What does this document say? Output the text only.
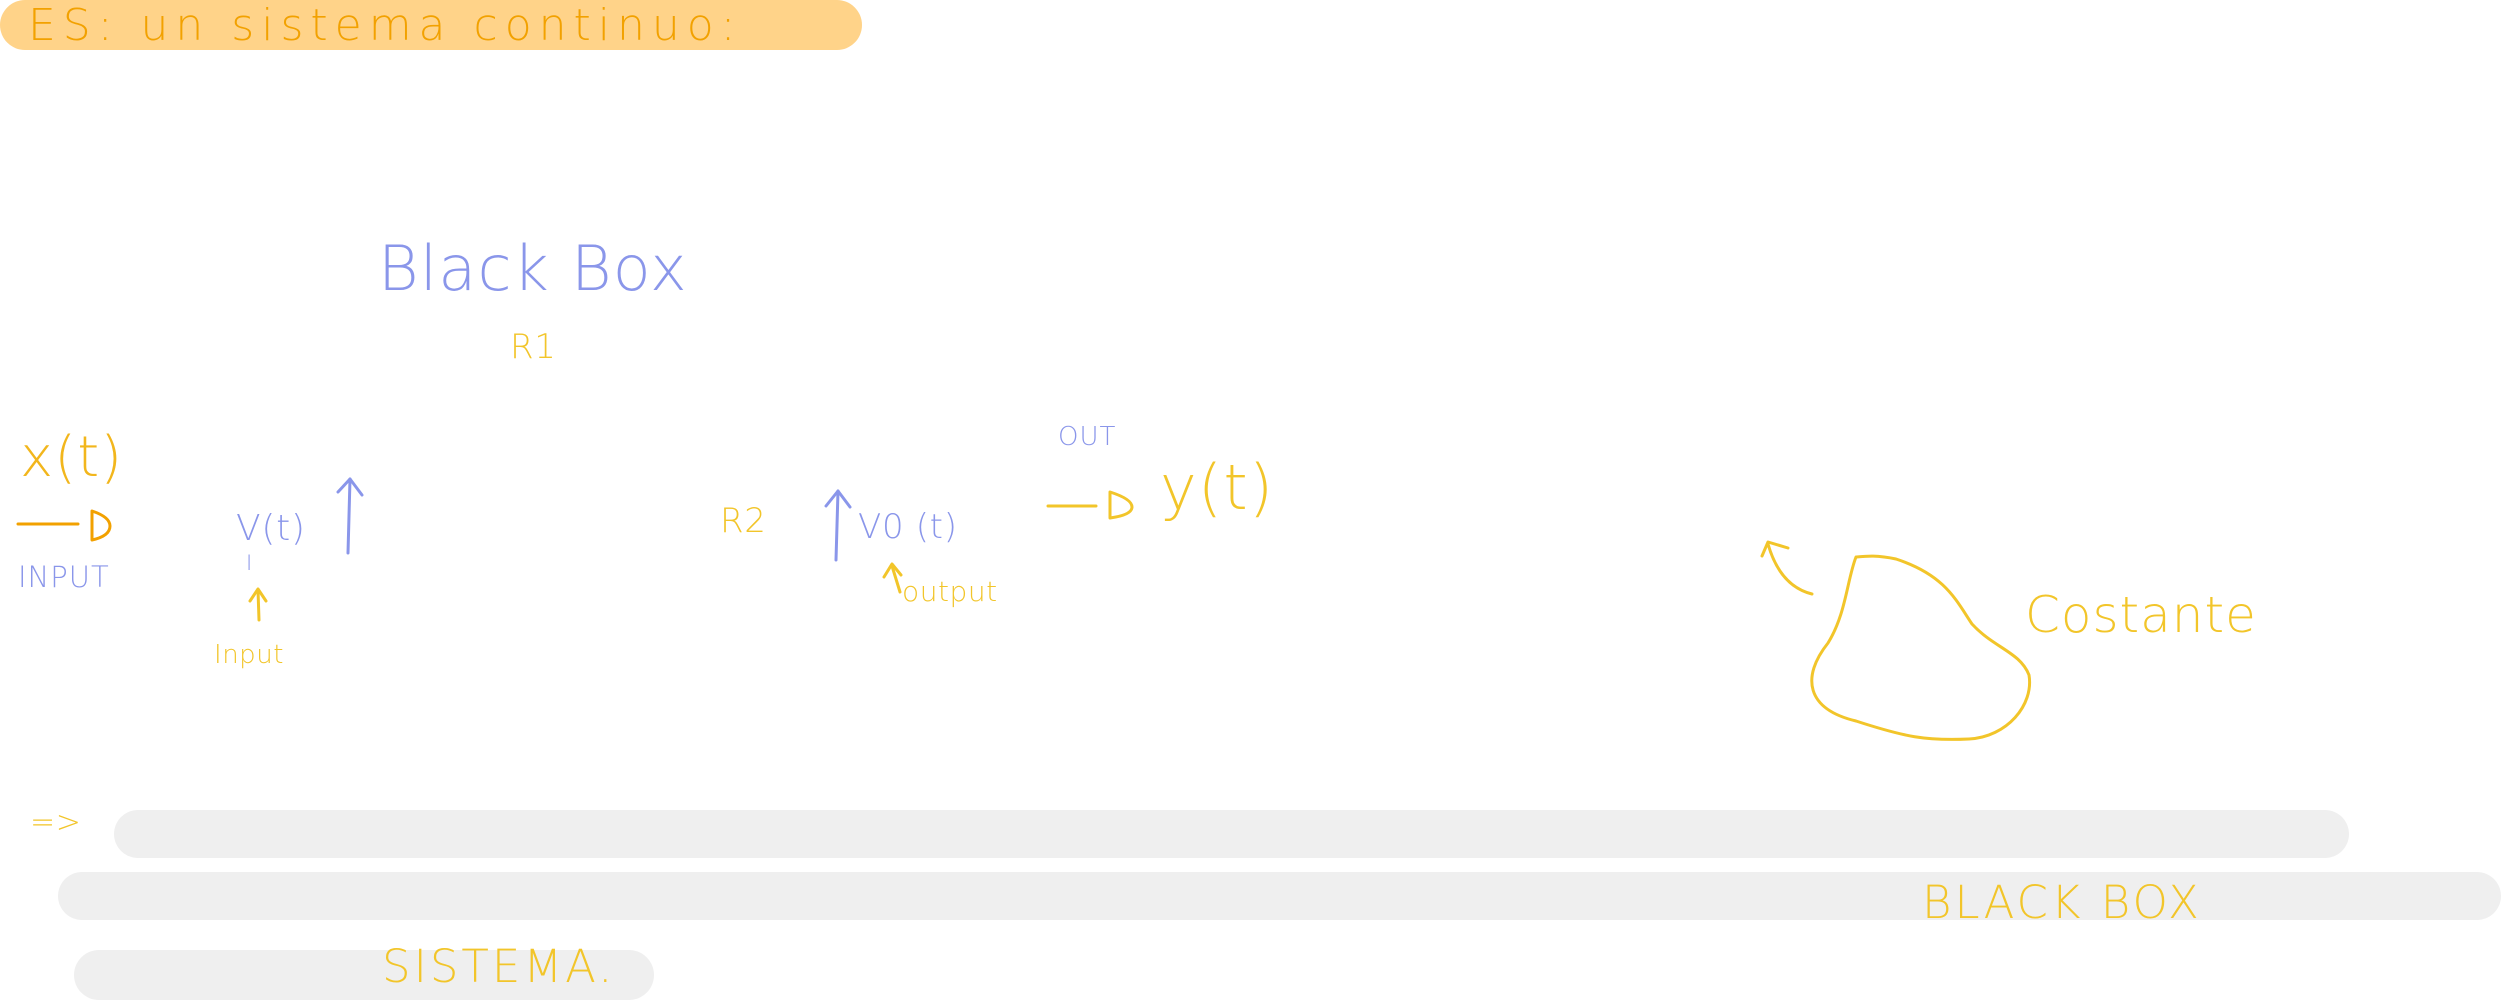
ES: un sistema continuo:
Black Box
R1
x(t)
INPUT
V(t)
I
Input
R2	V0 (t)
output
OUT
y(t)
Costante
=>
BLACK BOX
SISTEMA.
